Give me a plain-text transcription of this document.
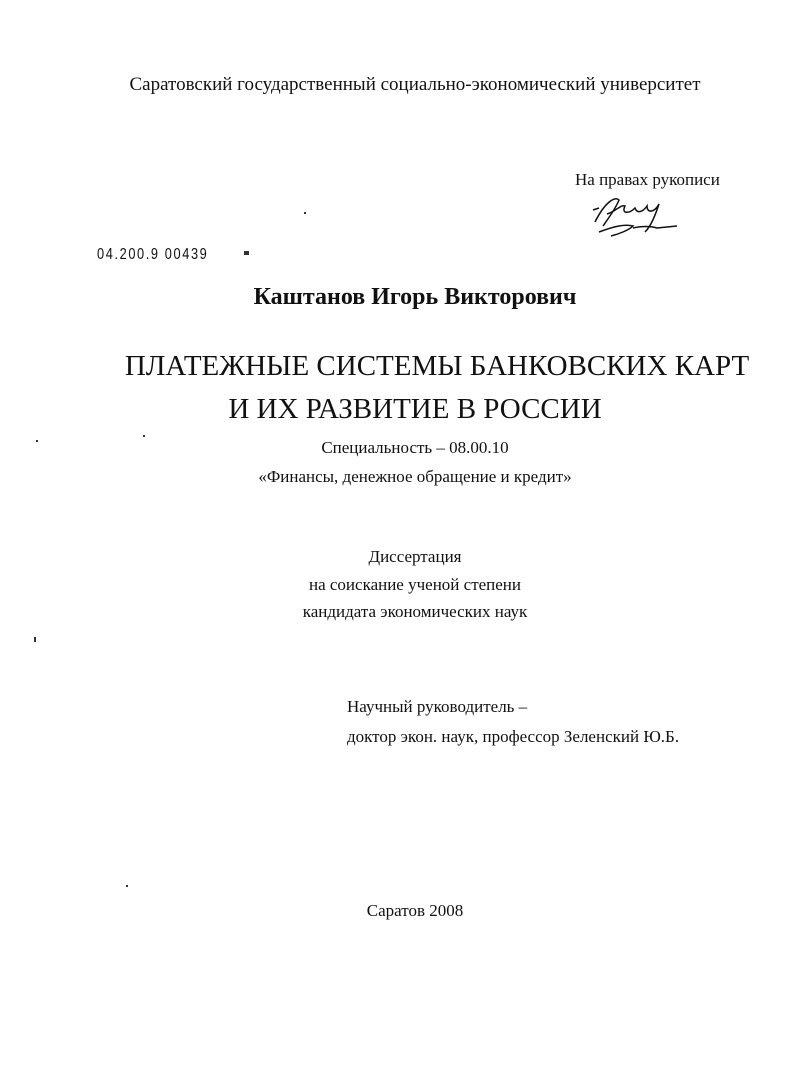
Саратовский государственный социально-экономический университет
На правах рукописи
04.200.9 00439
Каштанов Игорь Викторович
ПЛАТЕЖНЫЕ СИСТЕМЫ БАНКОВСКИХ КАРТ
И ИХ РАЗВИТИЕ В РОССИИ
Специальность – 08.00.10
«Финансы, денежное обращение и кредит»
Диссертация
на соискание ученой степени
кандидата экономических наук
Научный руководитель –
доктор экон. наук, профессор Зеленский Ю.Б.
Саратов 2008
